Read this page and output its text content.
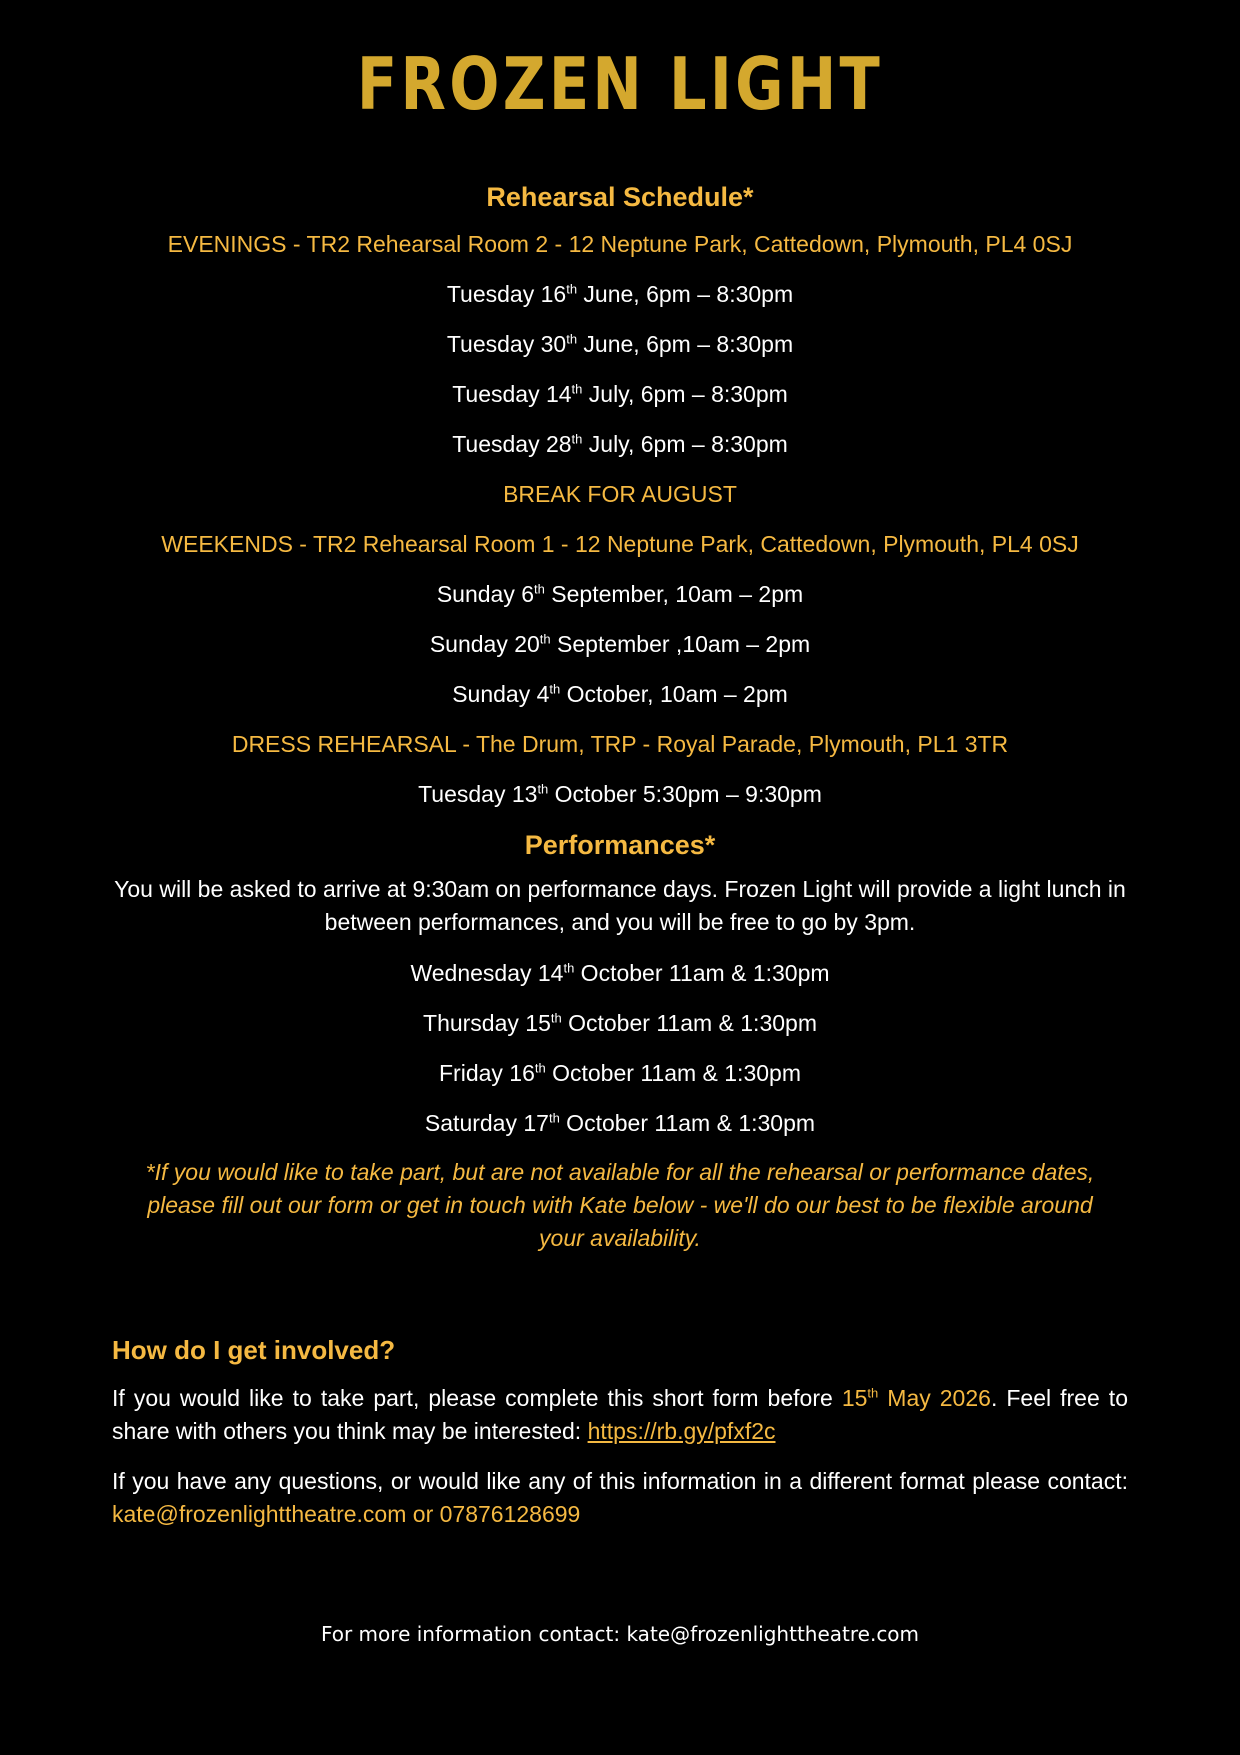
FROZEN LIGHT
Rehearsal Schedule*
EVENINGS - TR2 Rehearsal Room 2 - 12 Neptune Park, Cattedown, Plymouth, PL4 0SJ
Tuesday 16th June, 6pm – 8:30pm
Tuesday 30th June, 6pm – 8:30pm
Tuesday 14th July, 6pm – 8:30pm
Tuesday 28th July, 6pm – 8:30pm
BREAK FOR AUGUST
WEEKENDS - TR2 Rehearsal Room 1 - 12 Neptune Park, Cattedown, Plymouth, PL4 0SJ
Sunday 6th September, 10am – 2pm
Sunday 20th September ,10am – 2pm
Sunday 4th October, 10am – 2pm
DRESS REHEARSAL - The Drum, TRP - Royal Parade, Plymouth, PL1 3TR
Tuesday 13th October 5:30pm – 9:30pm
Performances*
You will be asked to arrive at 9:30am on performance days. Frozen Light will provide a light lunch in between performances, and you will be free to go by 3pm.
Wednesday 14th October 11am & 1:30pm
Thursday 15th October 11am & 1:30pm
Friday 16th October 11am & 1:30pm
Saturday 17th October 11am & 1:30pm
*If you would like to take part, but are not available for all the rehearsal or performance dates, please fill out our form or get in touch with Kate below - we'll do our best to be flexible around your availability.
How do I get involved?

If you would like to take part, please complete this short form before 15th May 2026. Feel free to share with others you think may be interested: https://rb.gy/pfxf2c

If you have any questions, or would like any of this information in a different format please contact: kate@frozenlighttheatre.com or 07876128699

For more information contact: kate@frozenlighttheatre.com
